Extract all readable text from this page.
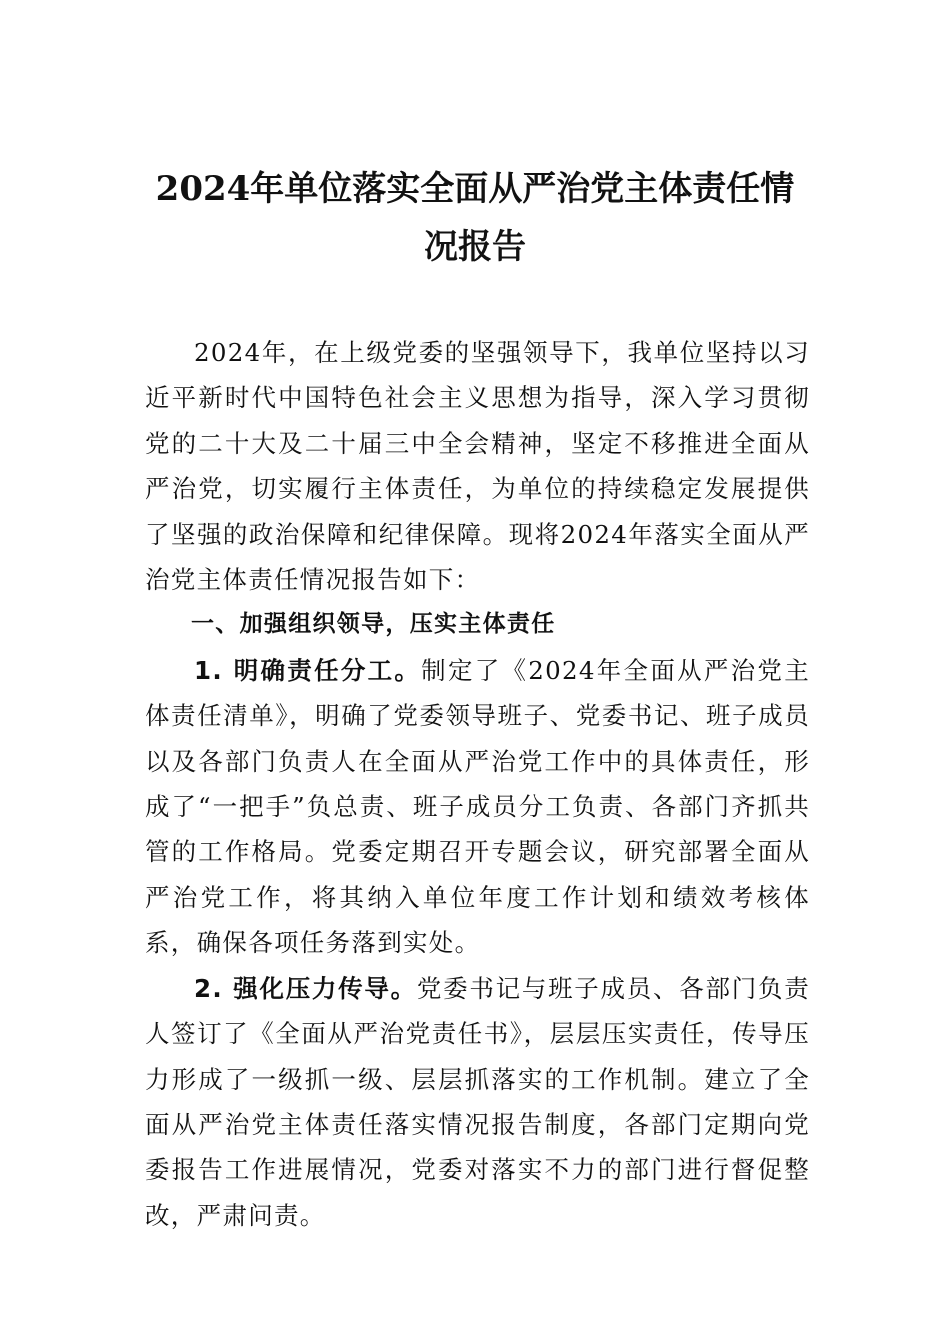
2024年单位落实全面从严治党主体责任情况报告

2024年，在上级党委的坚强领导下，我单位坚持以习近平新时代中国特色社会主义思想为指导，深入学习贯彻党的二十大及二十届三中全会精神，坚定不移推进全面从严治党，切实履行主体责任，为单位的持续稳定发展提供了坚强的政治保障和纪律保障。现将2024年落实全面从严治党主体责任情况报告如下：

一、加强组织领导，压实主体责任

1. 明确责任分工。制定了《2024年全面从严治党主体责任清单》，明确了党委领导班子、党委书记、班子成员以及各部门负责人在全面从严治党工作中的具体责任，形成了“一把手”负总责、班子成员分工负责、各部门齐抓共管的工作格局。党委定期召开专题会议，研究部署全面从严治党工作，将其纳入单位年度工作计划和绩效考核体系，确保各项任务落到实处。

2. 强化压力传导。党委书记与班子成员、各部门负责人签订了《全面从严治党责任书》，层层压实责任，传导压力形成了一级抓一级、层层抓落实的工作机制。建立了全面从严治党主体责任落实情况报告制度，各部门定期向党委报告工作进展情况，党委对落实不力的部门进行督促整改，严肃问责。
